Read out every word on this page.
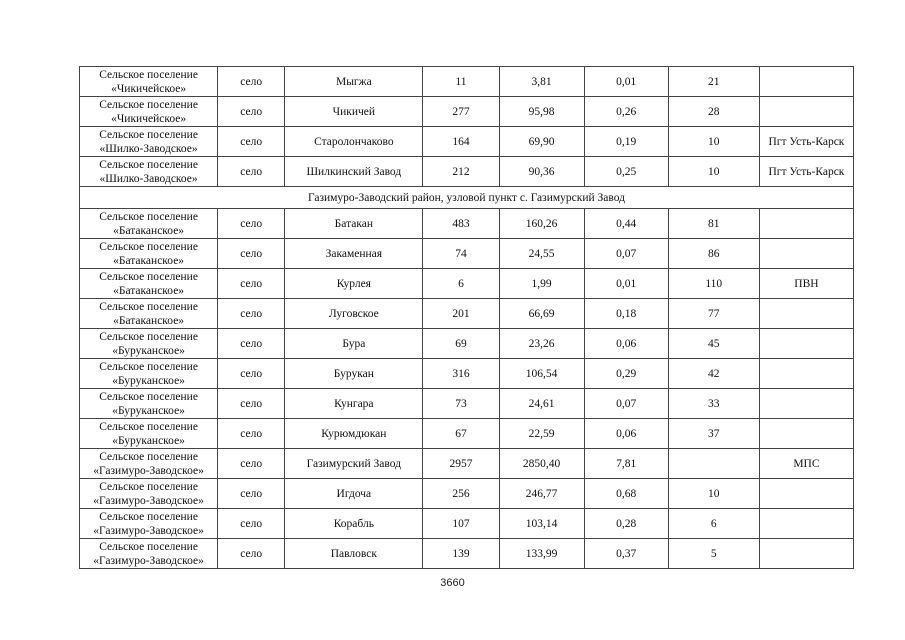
Сельское поселение «Чикичейское»	село	Мыгжа	11	3,81	0,01	21	
Сельское поселение «Чикичейское»	село	Чикичей	277	95,98	0,26	28	
Сельское поселение «Шилко-Заводское»	село	Старолончаково	164	69,90	0,19	10	Пгт Усть-Карск
Сельское поселение «Шилко-Заводское»	село	Шилкинский Завод	212	90,36	0,25	10	Пгт Усть-Карск
Газимуро-Заводский район, узловой пункт с. Газимурский Завод							
Сельское поселение «Батаканское»	село	Батакан	483	160,26	0,44	81	
Сельское поселение «Батаканское»	село	Закаменная	74	24,55	0,07	86	
Сельское поселение «Батаканское»	село	Курлея	6	1,99	0,01	110	ПВН
Сельское поселение «Батаканское»	село	Луговское	201	66,69	0,18	77	
Сельское поселение «Буруканское»	село	Бура	69	23,26	0,06	45	
Сельское поселение «Буруканское»	село	Бурукан	316	106,54	0,29	42	
Сельское поселение «Буруканское»	село	Кунгара	73	24,61	0,07	33	
Сельское поселение «Буруканское»	село	Курюмдюкан	67	22,59	0,06	37	
Сельское поселение «Газимуро-Заводское»	село	Газимурский Завод	2957	2850,40	7,81		МПС
Сельское поселение «Газимуро-Заводское»	село	Игдоча	256	246,77	0,68	10	
Сельское поселение «Газимуро-Заводское»	село	Корабль	107	103,14	0,28	6	
Сельское поселение «Газимуро-Заводское»	село	Павловск	139	133,99	0,37	5	
3660
